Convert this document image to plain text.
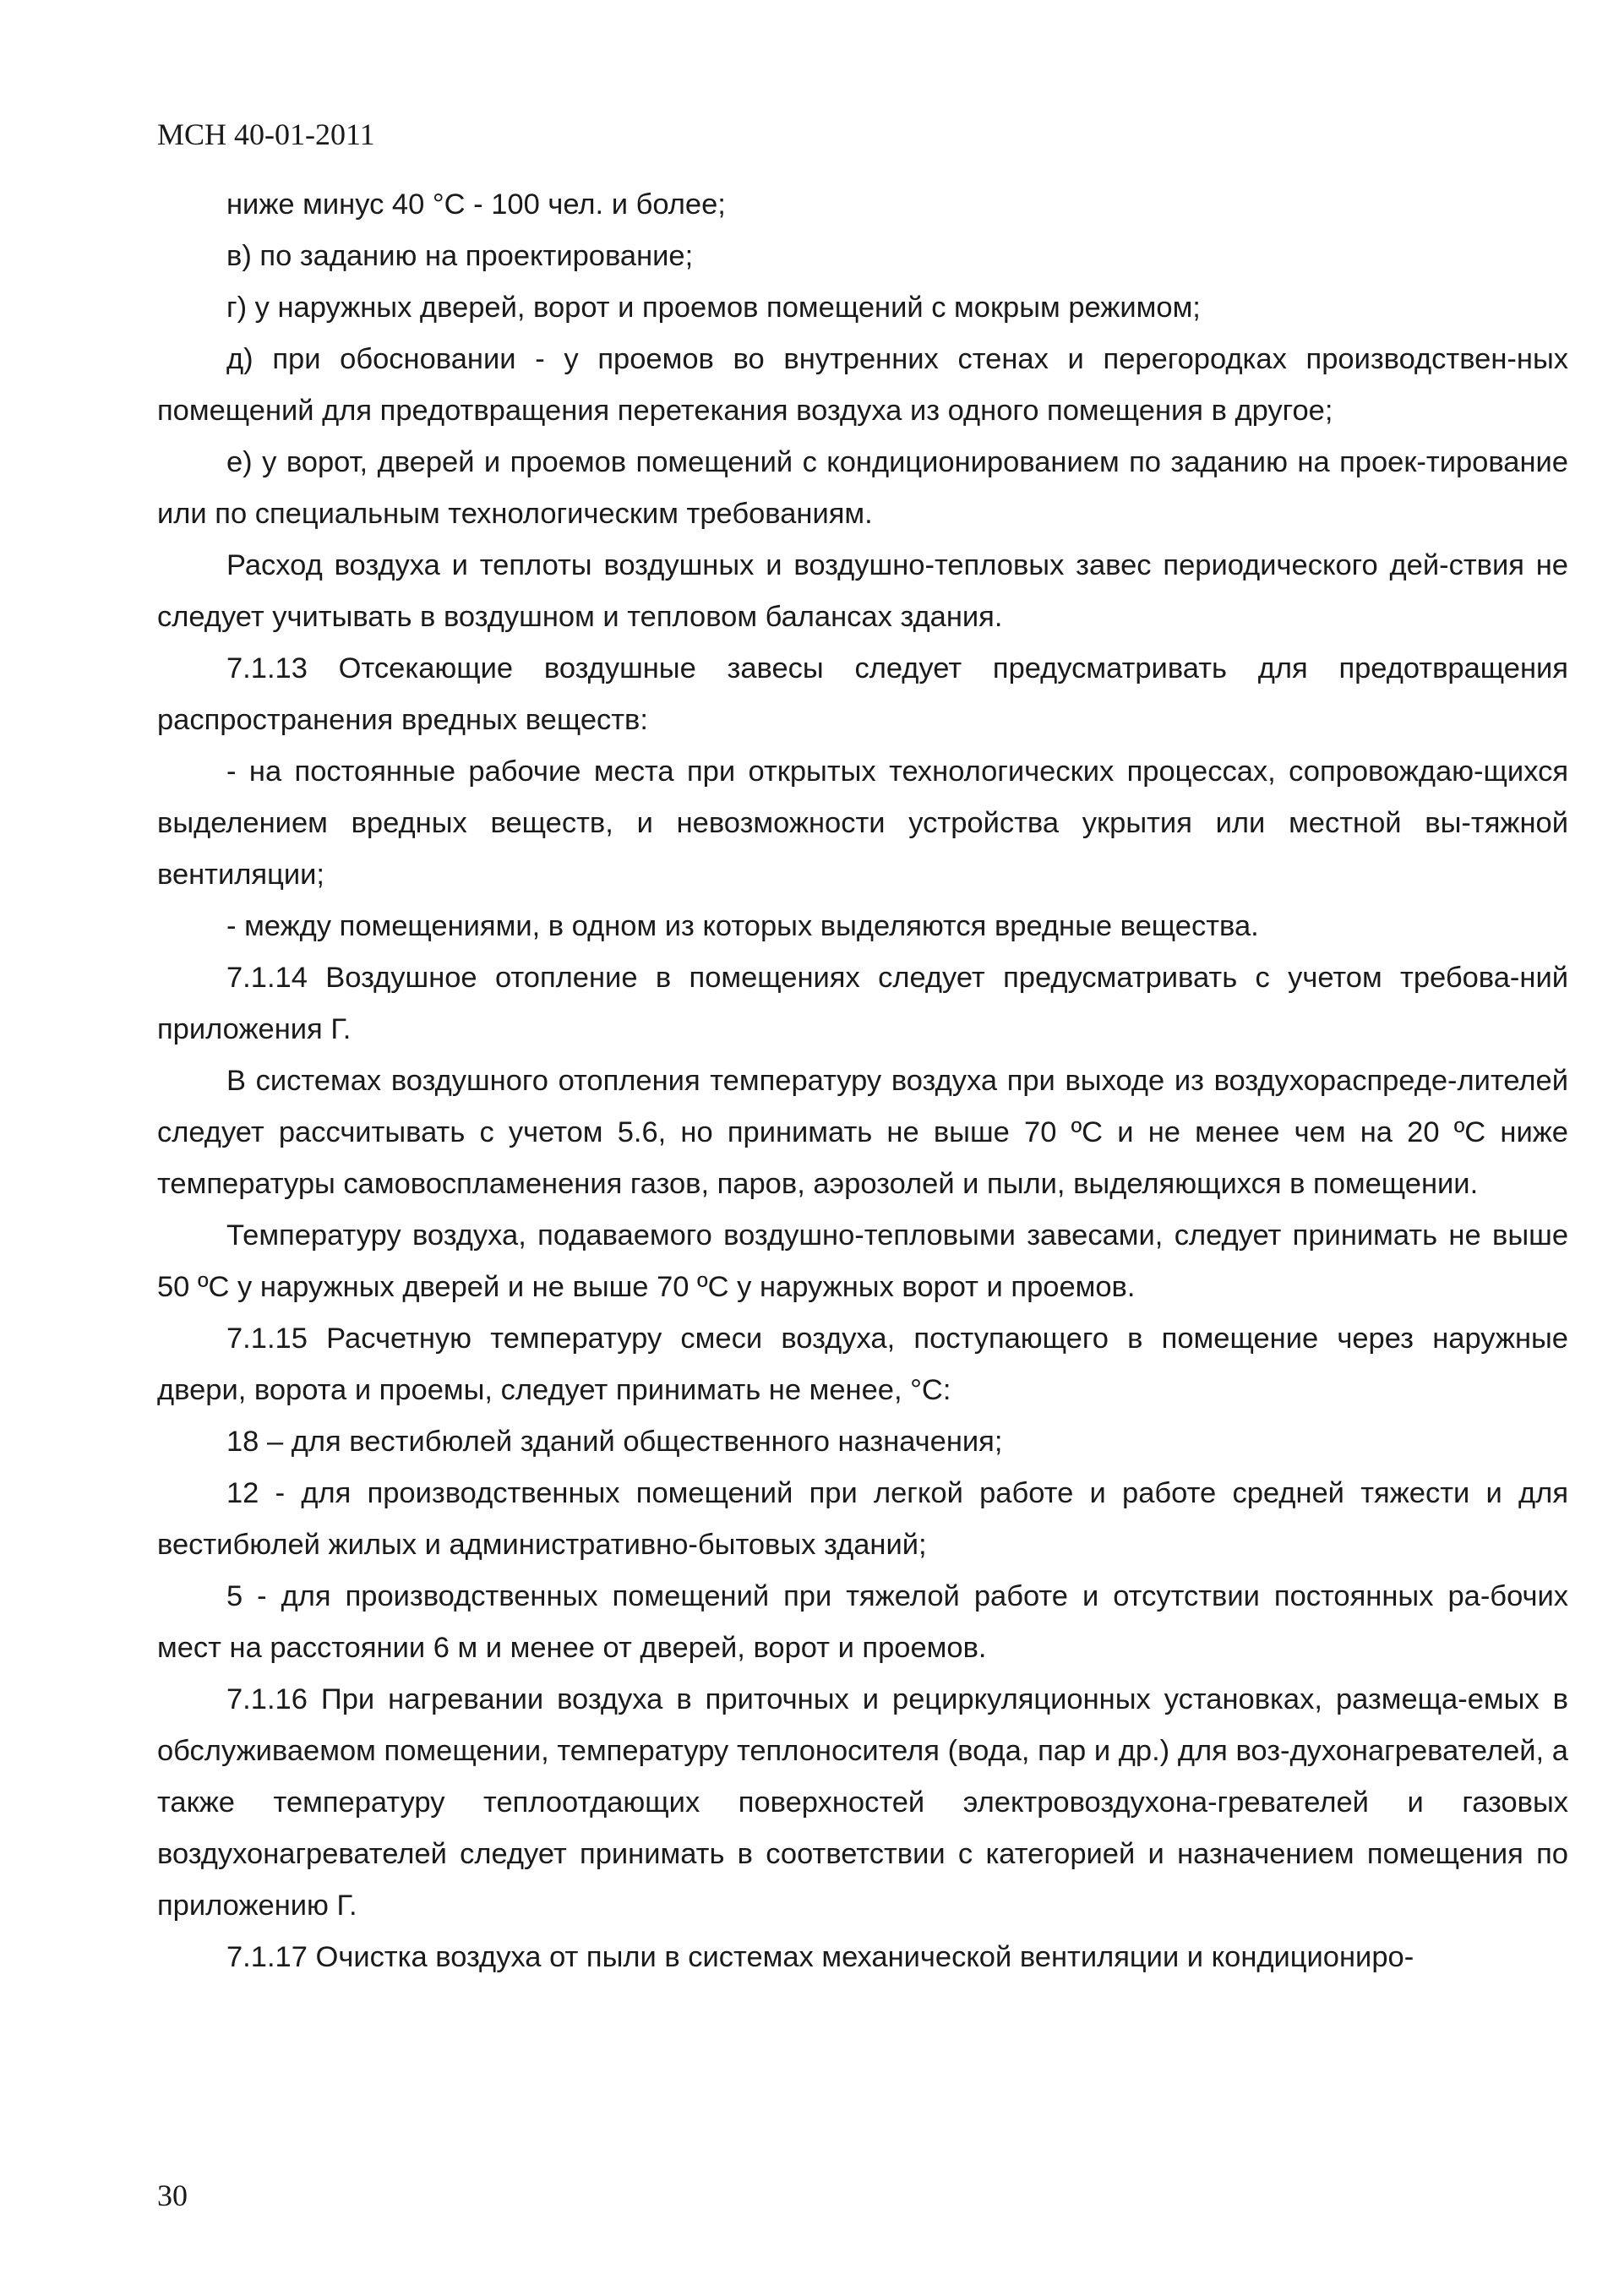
МСН 40-01-2011

ниже минус 40 °С - 100 чел. и более;

в) по заданию на проектирование;

г) у наружных дверей, ворот и проемов помещений с мокрым режимом;

д) при обосновании - у проемов во внутренних стенах и перегородках производствен-ных помещений для предотвращения перетекания воздуха из одного помещения в другое;

е) у ворот, дверей и проемов помещений с кондиционированием по заданию на проек-тирование или по специальным технологическим требованиям.

Расход воздуха и теплоты воздушных и воздушно-тепловых завес периодического дей-ствия не следует учитывать в воздушном и тепловом балансах здания.

7.1.13 Отсекающие воздушные завесы следует предусматривать для предотвращения распространения вредных веществ:

- на постоянные рабочие места при открытых технологических процессах, сопровождаю-щихся выделением вредных веществ, и невозможности устройства укрытия или местной вы-тяжной вентиляции;

- между помещениями, в одном из которых выделяются вредные вещества.

7.1.14 Воздушное отопление в помещениях следует предусматривать с учетом требова-ний приложения Г.

В системах воздушного отопления температуру воздуха при выходе из воздухораспреде-лителей следует рассчитывать с учетом 5.6, но принимать не выше 70 ºС и не менее чем на 20 ºС ниже температуры самовоспламенения газов, паров, аэрозолей и пыли, выделяющихся в помещении.

Температуру воздуха, подаваемого воздушно-тепловыми завесами, следует принимать не выше 50 ºС у наружных дверей и не выше 70 ºС у наружных ворот и проемов.

7.1.15 Расчетную температуру смеси воздуха, поступающего в помещение через наружные двери, ворота и проемы, следует принимать не менее, °С:

18 – для вестибюлей зданий общественного назначения;

12 - для производственных помещений при легкой работе и работе средней тяжести и для вестибюлей жилых и административно-бытовых зданий;

5 - для производственных помещений при тяжелой работе и отсутствии постоянных ра-бочих мест на расстоянии 6 м и менее от дверей, ворот и проемов.

7.1.16 При нагревании воздуха в приточных и рециркуляционных установках, размеща-емых в обслуживаемом помещении, температуру теплоносителя (вода, пар и др.) для воз-духонагревателей, а также температуру теплоотдающих поверхностей электровоздухона-гревателей и газовых воздухонагревателей следует принимать в соответствии с категорией и назначением помещения по приложению Г.

7.1.17 Очистка воздуха от пыли в системах механической вентиляции и кондициониро-

30
